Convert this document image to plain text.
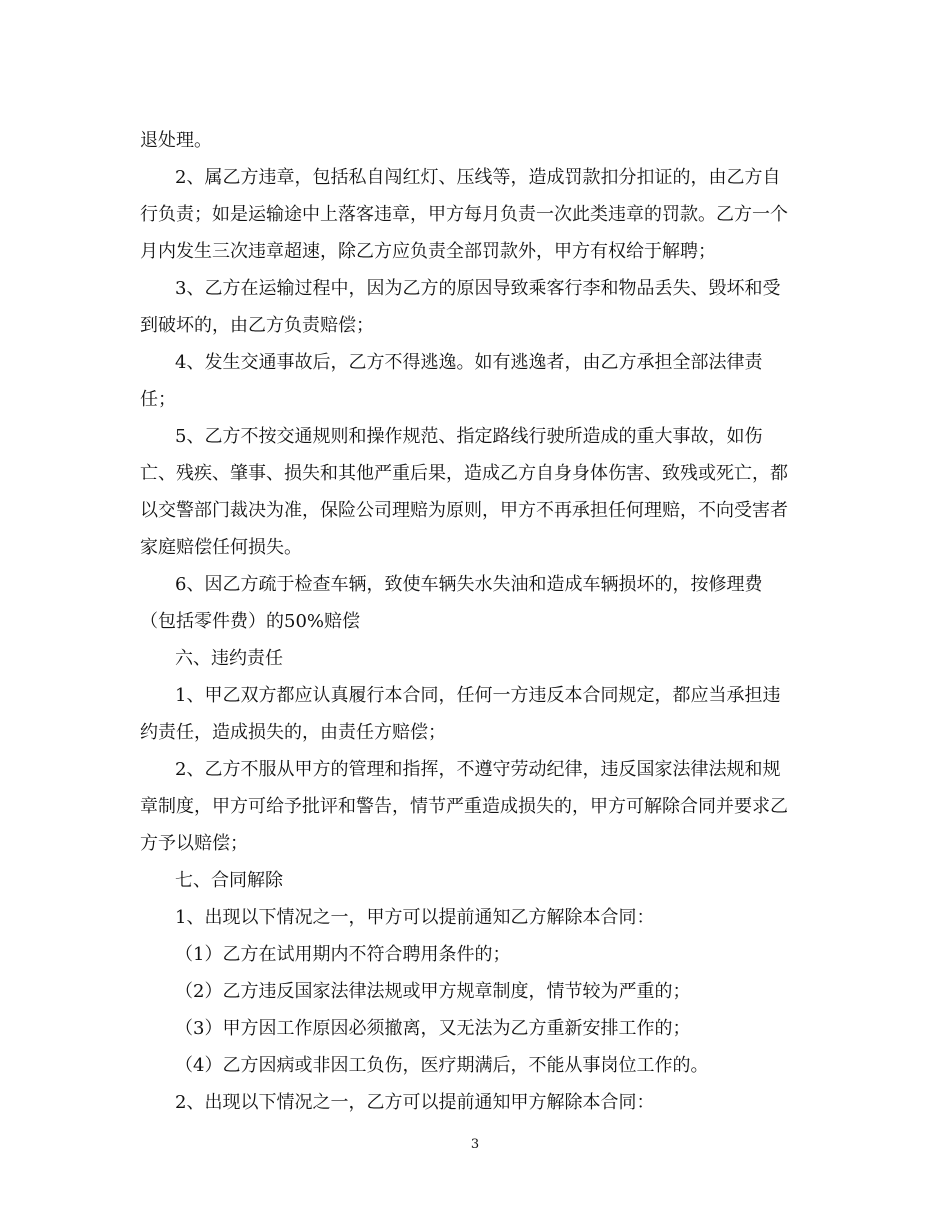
退处理。
2、属乙方违章，包括私自闯红灯、压线等，造成罚款扣分扣证的，由乙方自
行负责；如是运输途中上落客违章，甲方每月负责一次此类违章的罚款。乙方一个
月内发生三次违章超速，除乙方应负责全部罚款外，甲方有权给于解聘；
3、乙方在运输过程中，因为乙方的原因导致乘客行李和物品丢失、毁坏和受
到破坏的，由乙方负责赔偿；
4、发生交通事故后，乙方不得逃逸。如有逃逸者，由乙方承担全部法律责
任；
5、乙方不按交通规则和操作规范、指定路线行驶所造成的重大事故，如伤
亡、残疾、肇事、损失和其他严重后果，造成乙方自身身体伤害、致残或死亡，都
以交警部门裁决为准，保险公司理赔为原则，甲方不再承担任何理赔，不向受害者
家庭赔偿任何损失。
6、因乙方疏于检查车辆，致使车辆失水失油和造成车辆损坏的，按修理费
（包括零件费）的50%赔偿
六、违约责任
1、甲乙双方都应认真履行本合同，任何一方违反本合同规定，都应当承担违
约责任，造成损失的，由责任方赔偿；
2、乙方不服从甲方的管理和指挥，不遵守劳动纪律，违反国家法律法规和规
章制度，甲方可给予批评和警告，情节严重造成损失的，甲方可解除合同并要求乙
方予以赔偿；
七、合同解除
1、出现以下情况之一，甲方可以提前通知乙方解除本合同：
（1）乙方在试用期内不符合聘用条件的；
（2）乙方违反国家法律法规或甲方规章制度，情节较为严重的；
（3）甲方因工作原因必须撤离，又无法为乙方重新安排工作的；
（4）乙方因病或非因工负伤，医疗期满后，不能从事岗位工作的。
2、出现以下情况之一，乙方可以提前通知甲方解除本合同：
3
